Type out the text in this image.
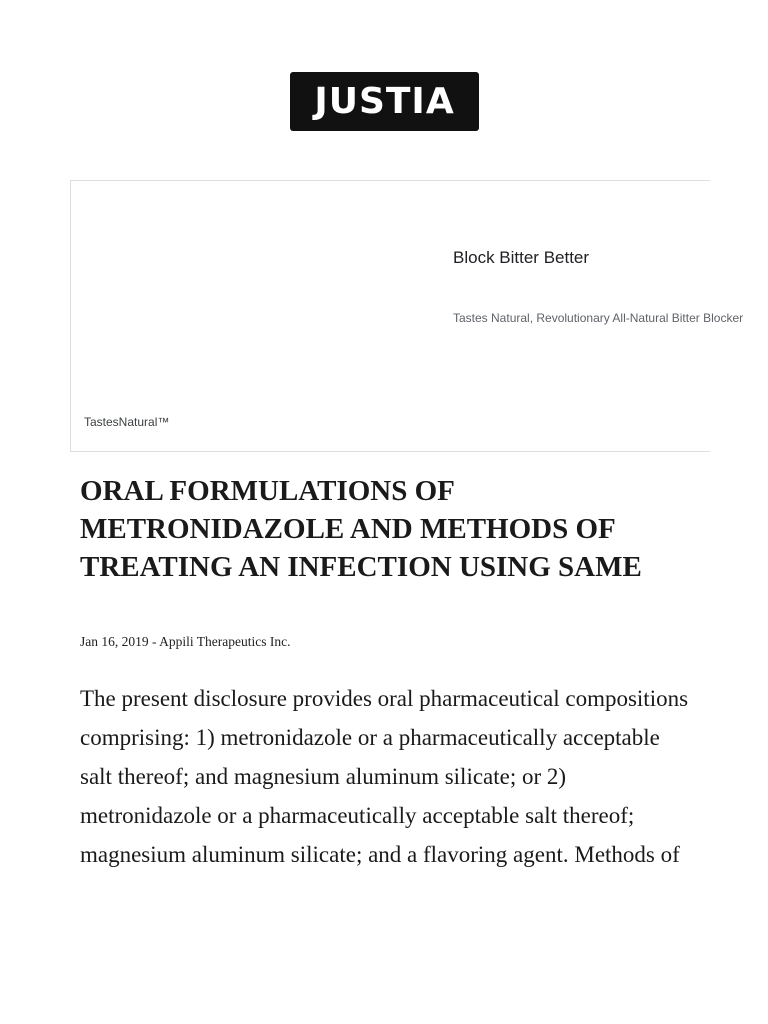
JUSTIA
Block Bitter Better
Tastes Natural, Revolutionary All-Natural Bitter Blocker
TastesNatural™
ORAL FORMULATIONS OF METRONIDAZOLE AND METHODS OF TREATING AN INFECTION USING SAME
Jan 16, 2019 - Appili Therapeutics Inc.

The present disclosure provides oral pharmaceutical compositions comprising: 1) metronidazole or a pharmaceutically acceptable salt thereof; and magnesium aluminum silicate; or 2) metronidazole or a pharmaceutically acceptable salt thereof; magnesium aluminum silicate; and a flavoring agent. Methods of
